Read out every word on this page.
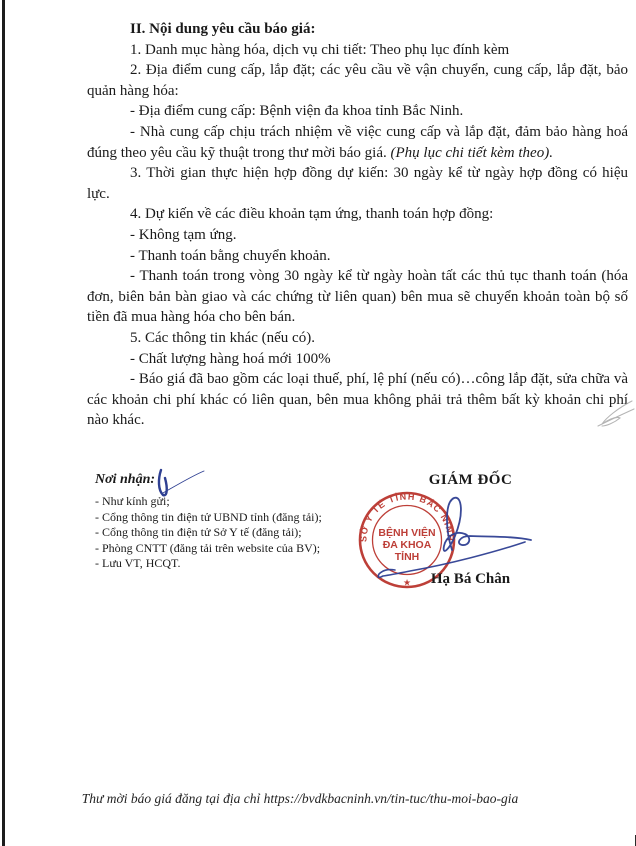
II. Nội dung yêu cầu báo giá:

1. Danh mục hàng hóa, dịch vụ chi tiết: Theo phụ lục đính kèm

2. Địa điểm cung cấp, lắp đặt; các yêu cầu về vận chuyển, cung cấp, lắp đặt, bảo quản hàng hóa:

- Địa điểm cung cấp: Bệnh viện đa khoa tỉnh Bắc Ninh.

- Nhà cung cấp chịu trách nhiệm về việc cung cấp và lắp đặt, đảm bảo hàng hoá đúng theo yêu cầu kỹ thuật trong thư mời báo giá. (Phụ lục chi tiết kèm theo).

3. Thời gian thực hiện hợp đồng dự kiến: 30 ngày kể từ ngày hợp đồng có hiệu lực.

4. Dự kiến về các điều khoản tạm ứng, thanh toán hợp đồng:

- Không tạm ứng.

- Thanh toán bằng chuyển khoản.

- Thanh toán trong vòng 30 ngày kể từ ngày hoàn tất các thủ tục thanh toán (hóa đơn, biên bản bàn giao và các chứng từ liên quan) bên mua sẽ chuyển khoản toàn bộ số tiền đã mua hàng hóa cho bên bán.

5. Các thông tin khác (nếu có).

- Chất lượng hàng hoá mới 100%

- Báo giá đã bao gồm các loại thuế, phí, lệ phí (nếu có)…công lắp đặt, sửa chữa và các khoản chi phí khác có liên quan, bên mua không phải trả thêm bất kỳ khoản chi phí nào khác.

Nơi nhận:
- Như kính gửi;
- Cổng thông tin điện tử UBND tỉnh (đăng tải);
- Cổng thông tin điện tử Sở Y tế (đăng tải);
- Phòng CNTT (đăng tải trên website của BV);
- Lưu VT, HCQT.
GIÁM ĐỐC
SỞ Y TẾ TỈNH BẮC NINH
★
BỆNH VIỆN
ĐA KHOA
TỈNH
Hạ Bá Chân
Thư mời báo giá đăng tại địa chỉ https://bvdkbacninh.vn/tin-tuc/thu-moi-bao-gia
